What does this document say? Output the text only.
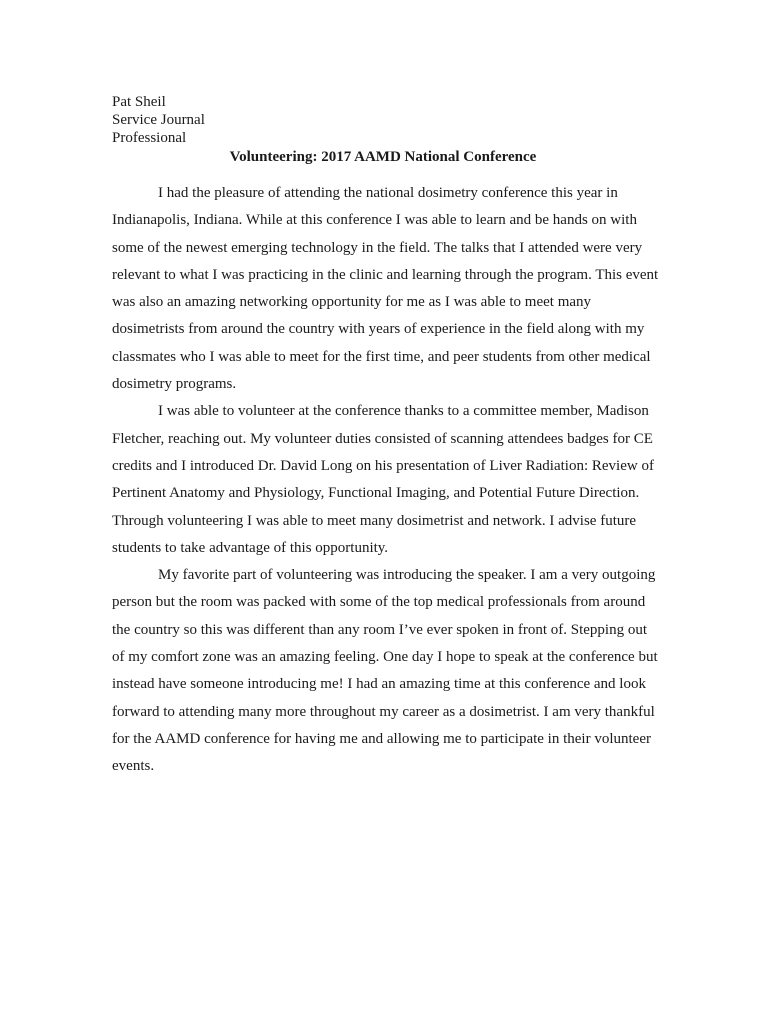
Pat Sheil
Service Journal
Professional
Volunteering: 2017 AAMD National Conference

I had the pleasure of attending the national dosimetry conference this year in Indianapolis, Indiana. While at this conference I was able to learn and be hands on with some of the newest emerging technology in the field. The talks that I attended were very relevant to what I was practicing in the clinic and learning through the program. This event was also an amazing networking opportunity for me as I was able to meet many dosimetrists from around the country with years of experience in the field along with my classmates who I was able to meet for the first time, and peer students from other medical dosimetry programs.

I was able to volunteer at the conference thanks to a committee member, Madison Fletcher, reaching out. My volunteer duties consisted of scanning attendees badges for CE credits and I introduced Dr. David Long on his presentation of Liver Radiation: Review of Pertinent Anatomy and Physiology, Functional Imaging, and Potential Future Direction. Through volunteering I was able to meet many dosimetrist and network. I advise future students to take advantage of this opportunity.

My favorite part of volunteering was introducing the speaker. I am a very outgoing person but the room was packed with some of the top medical professionals from around the country so this was different than any room I’ve ever spoken in front of. Stepping out of my comfort zone was an amazing feeling. One day I hope to speak at the conference but instead have someone introducing me! I had an amazing time at this conference and look forward to attending many more throughout my career as a dosimetrist. I am very thankful for the AAMD conference for having me and allowing me to participate in their volunteer events.
